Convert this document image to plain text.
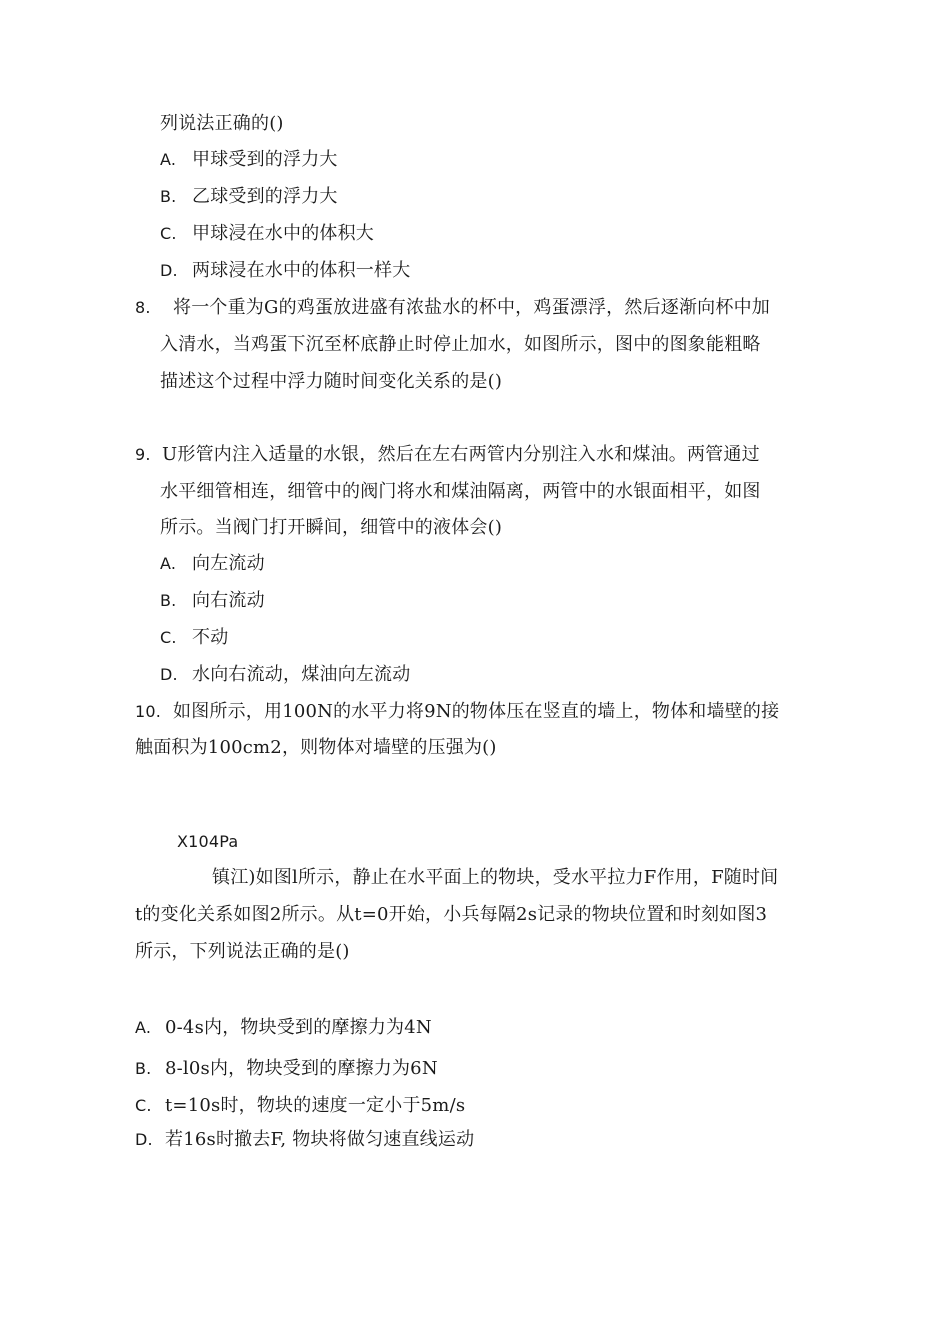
列说法正确的()
A. 甲球受到的浮力大
B. 乙球受到的浮力大
C. 甲球浸在水中的体积大
D. 两球浸在水中的体积一样大
8. 将一个重为G的鸡蛋放进盛有浓盐水的杯中，鸡蛋漂浮，然后逐渐向杯中加
入清水，当鸡蛋下沉至杯底静止时停止加水，如图所示，图中的图象能粗略
描述这个过程中浮力随时间变化关系的是()
9. U形管内注入适量的水银，然后在左右两管内分别注入水和煤油。两管通过
水平细管相连，细管中的阀门将水和煤油隔离，两管中的水银面相平，如图
所示。当阀门打开瞬间，细管中的液体会()
A. 向左流动
B. 向右流动
C. 不动
D. 水向右流动，煤油向左流动
10. 如图所示，用100N的水平力将9N的物体压在竖直的墙上，物体和墙壁的接
触面积为100cm2，则物体对墙壁的压强为()
X104Pa
镇江)如图l所示，静止在水平面上的物块，受水平拉力F作用，F随时间
t的变化关系如图2所示。从t=0开始，小兵每隔2s记录的物块位置和时刻如图3
所示，下列说法正确的是()
A. 0-4s内，物块受到的摩擦力为4N
B. 8-l0s内，物块受到的摩擦力为6N
C. t=10s时，物块的速度一定小于5m/s
D. 若16s时撤去F, 物块将做匀速直线运动
